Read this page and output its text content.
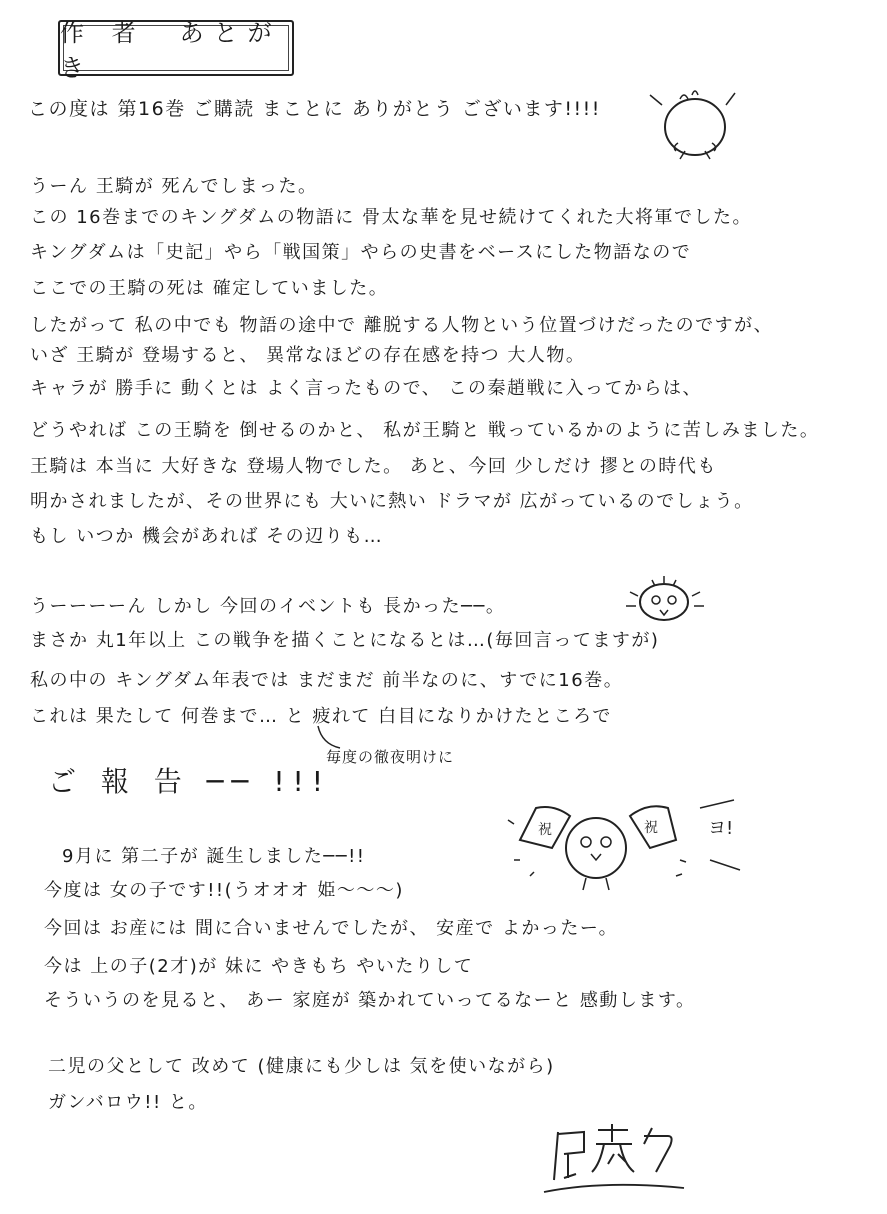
作 者　あとがき
この度は 第16巻 ご購読 まことに ありがとう ございます!!!!
うーん 王騎が 死んでしまった。
この 16巻までのキングダムの物語に 骨太な華を見せ続けてくれた大将軍でした。
キングダムは「史記」やら「戦国策」やらの史書をベースにした物語なので
ここでの王騎の死は 確定していました。
したがって 私の中でも 物語の途中で 離脱する人物という位置づけだったのですが、
いざ 王騎が 登場すると、 異常なほどの存在感を持つ 大人物。
キャラが 勝手に 動くとは よく言ったもので、 この秦趙戦に入ってからは、
どうやれば この王騎を 倒せるのかと、 私が王騎と 戦っているかのように苦しみました。
王騎は 本当に 大好きな 登場人物でした。 あと、今回 少しだけ 摎との時代も
明かされましたが、その世界にも 大いに熱い ドラマが 広がっているのでしょう。
もし いつか 機会があれば その辺りも…
うーーーーん しかし 今回のイベントも 長かった──。
まさか 丸1年以上 この戦争を描くことになるとは…(毎回言ってますが)
私の中の キングダム年表では まだまだ 前半なのに、すでに16巻。
これは 果たして 何巻まで… と 疲れて 白目になりかけたところで
毎度の徹夜明けに
ご 報 告 ── !!!
祝	祝	ヨ!
9月に 第二子が 誕生しました──!!
今度は 女の子です!!(うオオオ 姫〜〜〜)
今回は お産には 間に合いませんでしたが、 安産で よかったー。
今は 上の子(2才)が 妹に やきもち やいたりして
そういうのを見ると、 あー 家庭が 築かれていってるなーと 感動します。
二児の父として 改めて (健康にも少しは 気を使いながら)
ガンバロウ!! と。
